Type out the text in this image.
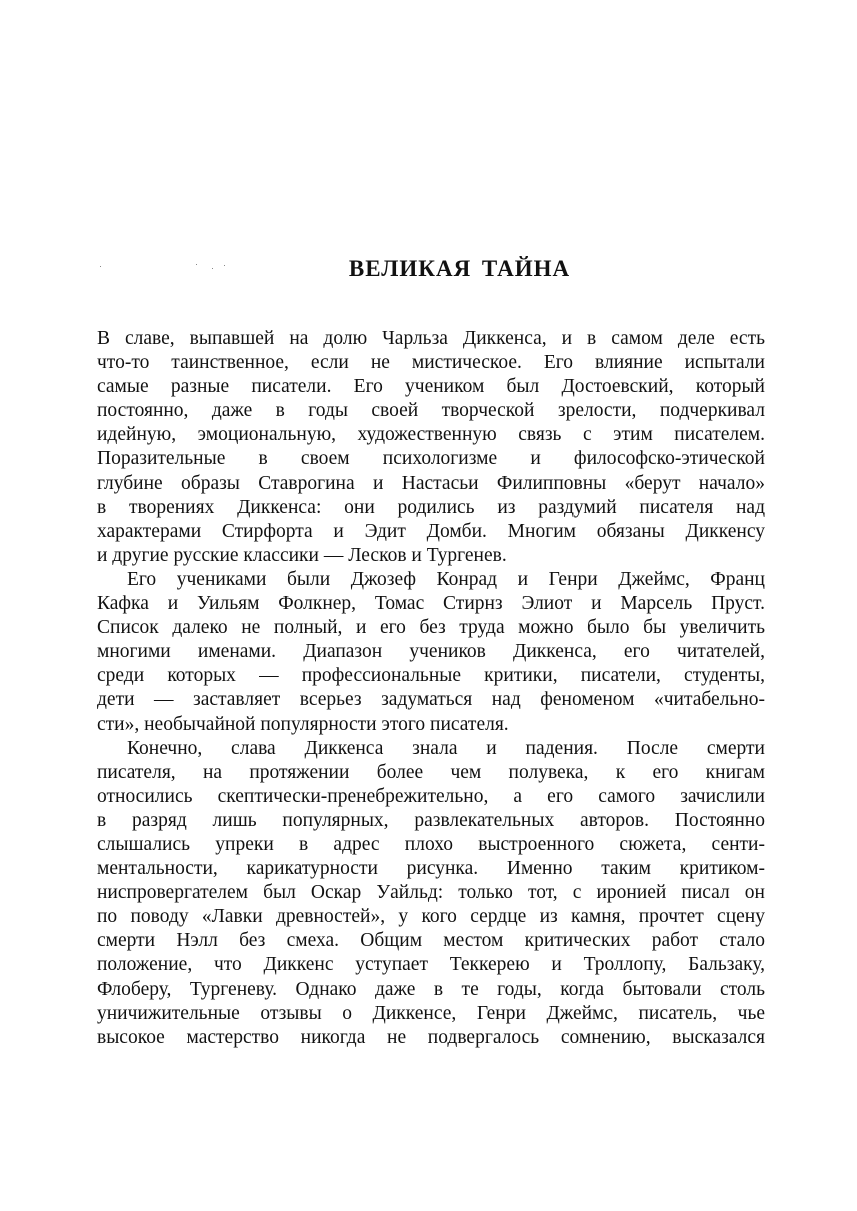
ВЕЛИКАЯ ТАЙНА
В славе, выпавшей на долю Чарльза Диккенса, и в самом деле есть
что-то таинственное, если не мистическое. Его влияние испытали
самые разные писатели. Его учеником был Достоевский, который
постоянно, даже в годы своей творческой зрелости, подчеркивал
идейную, эмоциональную, художественную связь с этим писателем.
Поразительные в своем психологизме и философско-этической
глубине образы Ставрогина и Настасьи Филипповны «берут начало»
в творениях Диккенса: они родились из раздумий писателя над
характерами Стирфорта и Эдит Домби. Многим обязаны Диккенсу
и другие русские классики — Лесков и Тургенев.
Его учениками были Джозеф Конрад и Генри Джеймс, Франц
Кафка и Уильям Фолкнер, Томас Стирнз Элиот и Марсель Пруст.
Список далеко не полный, и его без труда можно было бы увеличить
многими именами. Диапазон учеников Диккенса, его читателей,
среди которых — профессиональные критики, писатели, студенты,
дети — заставляет всерьез задуматься над феноменом «читабельно-
сти», необычайной популярности этого писателя.
Конечно, слава Диккенса знала и падения. После смерти
писателя, на протяжении более чем полувека, к его книгам
относились скептически-пренебрежительно, а его самого зачислили
в разряд лишь популярных, развлекательных авторов. Постоянно
слышались упреки в адрес плохо выстроенного сюжета, сенти-
ментальности, карикатурности рисунка. Именно таким критиком-
ниспровергателем был Оскар Уайльд: только тот, с иронией писал он
по поводу «Лавки древностей», у кого сердце из камня, прочтет сцену
смерти Нэлл без смеха. Общим местом критических работ стало
положение, что Диккенс уступает Теккерею и Троллопу, Бальзаку,
Флоберу, Тургеневу. Однако даже в те годы, когда бытовали столь
уничижительные отзывы о Диккенсе, Генри Джеймс, писатель, чье
высокое мастерство никогда не подвергалось сомнению, высказался
